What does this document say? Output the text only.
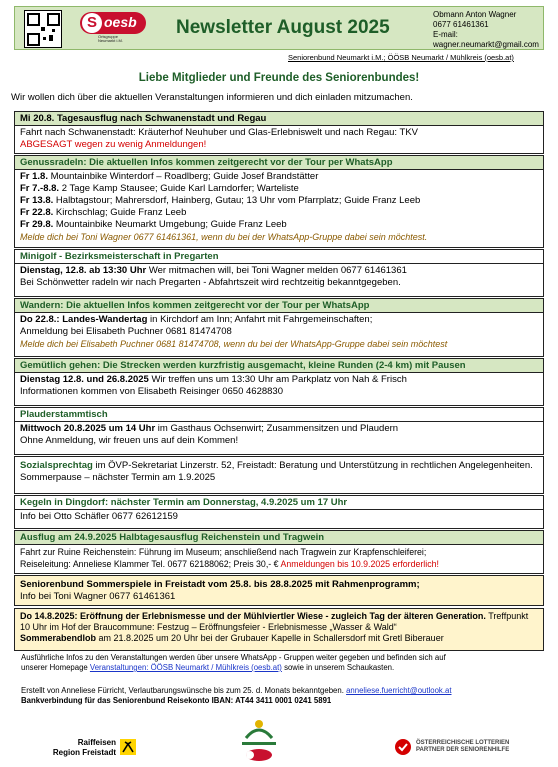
S oesb
Ortsgruppe
Neumarkt i.M.
Newsletter August 2025
Obmann Anton Wagner
0677 61461361
E-mail:
wagner.neumarkt@gmail.com
Seniorenbund Neumarkt i.M.; ÖÖSB Neumarkt / Mühlkreis (oesb.at)
Liebe Mitglieder und Freunde des Seniorenbundes!
Wir wollen dich über die aktuellen Veranstaltungen informieren und dich einladen mitzumachen.
Mi 20.8. Tagesausflug nach Schwanenstadt und Regau
Fahrt nach Schwanenstadt: Kräuterhof Neuhuber und Glas-Erlebniswelt und nach Regau: TKV
ABGESAGT wegen zu wenig Anmeldungen!
Genussradeln: Die aktuellen Infos kommen zeitgerecht vor der Tour per WhatsApp
Fr 1.8. Mountainbike Winterdorf – Roadlberg; Guide Josef Brandstätter
Fr 7.-8.8. 2 Tage Kamp Stausee; Guide Karl Larndorfer; Warteliste
Fr 13.8. Halbtagstour; Mahrersdorf, Hainberg, Gutau; 13 Uhr vom Pfarrplatz; Guide Franz Leeb
Fr 22.8. Kirchschlag; Guide Franz Leeb
Fr 29.8. Mountainbike Neumarkt Umgebung; Guide Franz Leeb
Melde dich bei Toni Wagner 0677 61461361, wenn du bei der WhatsApp-Gruppe dabei sein möchtest.
Minigolf - Bezirksmeisterschaft in Pregarten
Dienstag, 12.8. ab 13:30 Uhr Wer mitmachen will, bei Toni Wagner melden 0677 61461361
Bei Schönwetter radeln wir nach Pregarten - Abfahrtszeit wird rechtzeitig bekanntgegeben.
Wandern: Die aktuellen Infos kommen zeitgerecht vor der Tour per WhatsApp
Do 22.8.: Landes-Wandertag in Kirchdorf am Inn; Anfahrt mit Fahrgemeinschaften;
Anmeldung bei Elisabeth Puchner 0681 81474708
Melde dich bei Elisabeth Puchner 0681 81474708, wenn du bei der WhatsApp-Gruppe dabei sein möchtest
Gemütlich gehen: Die Strecken werden kurzfristig ausgemacht, kleine Runden (2-4 km) mit Pausen
Dienstag 12.8. und 26.8.2025 Wir treffen uns um 13:30 Uhr am Parkplatz von Nah & Frisch
Informationen kommen von Elisabeth Reisinger 0650 4628830
Plauderstammtisch
Mittwoch 20.8.2025 um 14 Uhr im Gasthaus Ochsenwirt; Zusammensitzen und Plaudern
Ohne Anmeldung, wir freuen uns auf dein Kommen!
Sozialsprechtag im ÖVP-Sekretariat Linzerstr. 52, Freistadt: Beratung und Unterstützung in rechtlichen Angelegenheiten. Sommerpause – nächster Termin am 1.9.2025
Kegeln in Dingdorf: nächster Termin am Donnerstag, 4.9.2025 um 17 Uhr
Info bei Otto Schäfler 0677 62612159
Ausflug am 24.9.2025 Halbtagesausflug Reichenstein und Tragwein
Fahrt zur Ruine Reichenstein: Führung im Museum; anschließend nach Tragwein zur Krapfenschleiferei;
Reiseleitung: Anneliese Klammer Tel. 0677 62188062; Preis 30,- € Anmeldungen bis 10.9.2025 erforderlich!
Seniorenbund Sommerspiele in Freistadt vom 25.8. bis 28.8.2025 mit Rahmenprogramm;
Info bei Toni Wagner 0677 61461361
Do 14.8.2025: Eröffnung der Erlebnismesse und der Mühlviertler Wiese - zugleich Tag der älteren Generation. Treffpunkt 10 Uhr im Hof der Braucommune: Festzug – Eröffnungsfeier - Erlebnismesse „Wasser & Wald“
Sommerabendlob am 21.8.2025 um 20 Uhr bei der Grubauer Kapelle in Schallersdorf mit Gretl Biberauer
Ausführliche Infos zu den Veranstaltungen werden über unsere WhatsApp - Gruppen weiter gegeben und befinden sich auf
unserer Homepage Veranstaltungen: ÖÖSB Neumarkt / Mühlkreis (oesb.at) sowie in unserem Schaukasten.
Erstellt von Anneliese Fürricht, Verlautbarungswünsche bis zum 25. d. Monats bekanntgeben. anneliese.fuerricht@outlook.at
Bankverbindung für das Seniorenbund Reisekonto IBAN: AT44 3411 0001 0241 5891
Raiffeisen
Region Freistadt
ÖSTERREICHISCHE LOTTERIEN
PARTNER DER SENIORENHILFE
